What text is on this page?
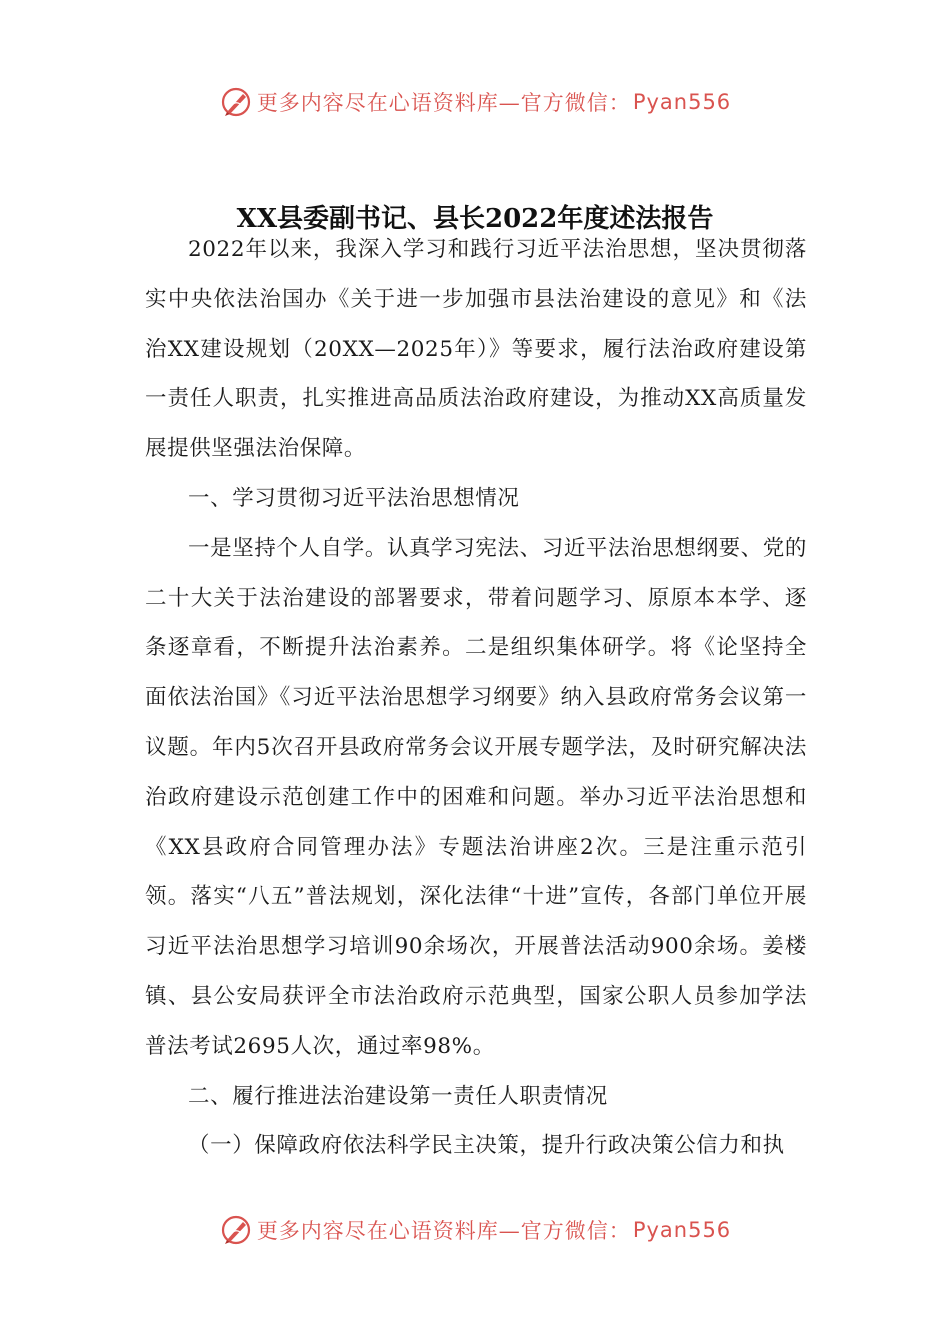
更多内容尽在心语资料库—官方微信： Pyan556
XX县委副书记、县长2022年度述法报告

2022年以来，我深入学习和践行习近平法治思想，坚决贯彻落实中央依法治国办《关于进一步加强市县法治建设的意见》和《法治XX建设规划（20XX—2025年）》等要求，履行法治政府建设第一责任人职责，扎实推进高品质法治政府建设，为推动XX高质量发展提供坚强法治保障。

一、学习贯彻习近平法治思想情况

一是坚持个人自学。认真学习宪法、习近平法治思想纲要、党的二十大关于法治建设的部署要求，带着问题学习、原原本本学、逐条逐章看，不断提升法治素养。二是组织集体研学。将《论坚持全面依法治国》《习近平法治思想学习纲要》纳入县政府常务会议第一议题。年内5次召开县政府常务会议开展专题学法，及时研究解决法治政府建设示范创建工作中的困难和问题。举办习近平法治思想和《XX县政府合同管理办法》专题法治讲座2次。三是注重示范引领。落实“八五”普法规划，深化法律“十进”宣传，各部门单位开展习近平法治思想学习培训90余场次，开展普法活动900余场。姜楼镇、县公安局获评全市法治政府示范典型，国家公职人员参加学法普法考试2695人次，通过率98%。

二、履行推进法治建设第一责任人职责情况

（一）保障政府依法科学民主决策，提升行政决策公信力和执

更多内容尽在心语资料库—官方微信： Pyan556
